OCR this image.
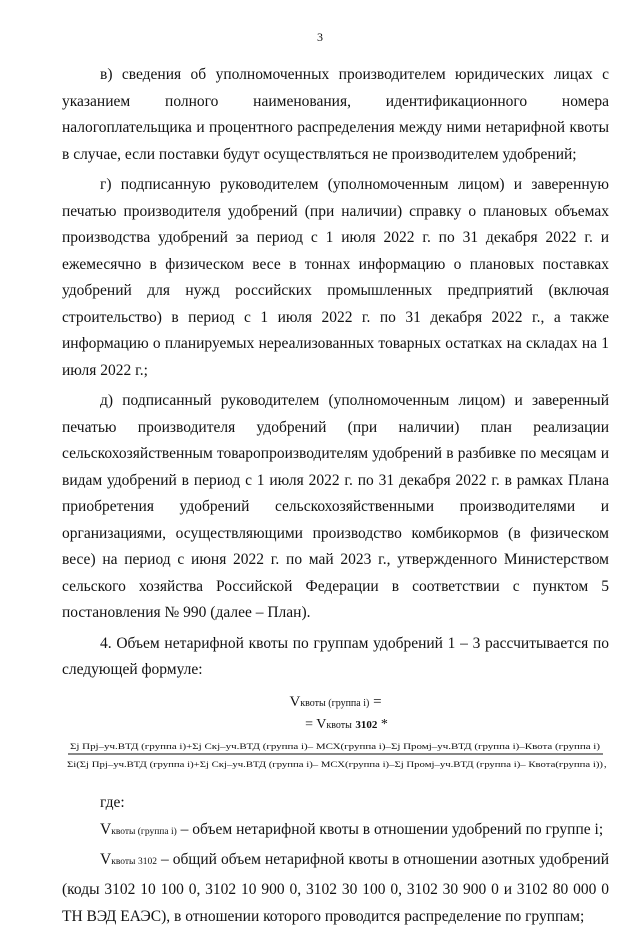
3

в) сведения об уполномоченных производителем юридических лицах с указанием полного наименования, идентификационного номера налогоплательщика и процентного распределения между ними нетарифной квоты в случае, если поставки будут осуществляться не производителем удобрений;

г) подписанную руководителем (уполномоченным лицом) и заверенную печатью производителя удобрений (при наличии) справку о плановых объемах производства удобрений за период с 1 июля 2022 г. по 31 декабря 2022 г. и ежемесячно в физическом весе в тоннах информацию о плановых поставках удобрений для нужд российских промышленных предприятий (включая строительство) в период с 1 июля 2022 г. по 31 декабря 2022 г., а также информацию о планируемых нереализованных товарных остатках на складах на 1 июля 2022 г.;

д) подписанный руководителем (уполномоченным лицом) и заверенный печатью производителя удобрений (при наличии) план реализации сельскохозяйственным товаропроизводителям удобрений в разбивке по месяцам и видам удобрений в период с 1 июля 2022 г. по 31 декабря 2022 г. в рамках Плана приобретения удобрений сельскохозяйственными производителями и организациями, осуществляющими производство комбикормов (в физическом весе) на период с июня 2022 г. по май 2023 г., утвержденного Министерством сельского хозяйства Российской Федерации в соответствии с пунктом 5 постановления № 990 (далее – План).

4. Объем нетарифной квоты по группам удобрений 1 – 3 рассчитывается по следующей формуле:

Vквоты (группа i) =
= Vквоты 3102 *
Σj Прj–уч.ВТД (группа i)+Σj Скj–уч.ВТД (группа i)– МСХ(группа i)–Σj Промj–уч.ВТД (группа i)–Квота (группа i)
Σi(Σj Прj–уч.ВТД (группа i)+Σj Скj–уч.ВТД (группа i)– МСХ(группа i)–Σj Промj–уч.ВТД (группа i)– Квота(группа i)) ,

где:

Vквоты (группа i) – объем нетарифной квоты в отношении удобрений по группе i;

Vквоты 3102 – общий объем нетарифной квоты в отношении азотных удобрений (коды 3102 10 100 0, 3102 10 900 0, 3102 30 100 0, 3102 30 900 0 и 3102 80 000 0 ТН ВЭД ЕАЭС), в отношении которого проводится распределение по группам;
